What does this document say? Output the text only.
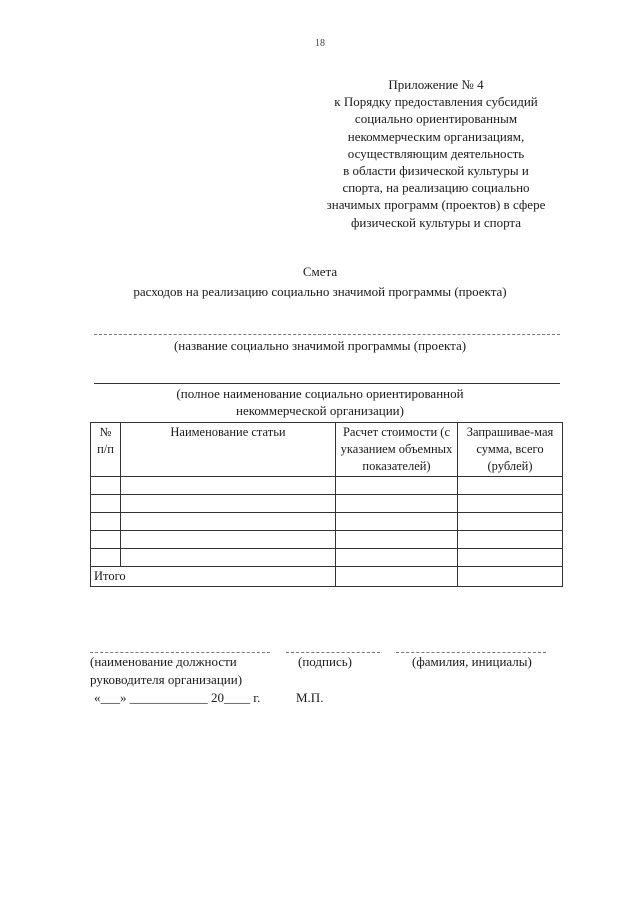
18
Приложение № 4
к Порядку предоставления субсидий
социально ориентированным
некоммерческим организациям,
осуществляющим деятельность
в области физической культуры и
спорта, на реализацию социально
значимых программ (проектов) в сфере
физической культуры и спорта
Смета
расходов на реализацию социально значимой программы (проекта)
(название социально значимой программы (проекта)
(полное наименование социально ориентированной
некоммерческой организации)
№ п/п	Наименование статьи	Расчет стоимости (с указанием объемных показателей)	Запрашивае-мая сумма, всего (рублей)

Итого			
(наименование должности	(подпись)	(фамилия, инициалы)
руководителя организации)
«___» ____________ 20____ г.	М.П.
